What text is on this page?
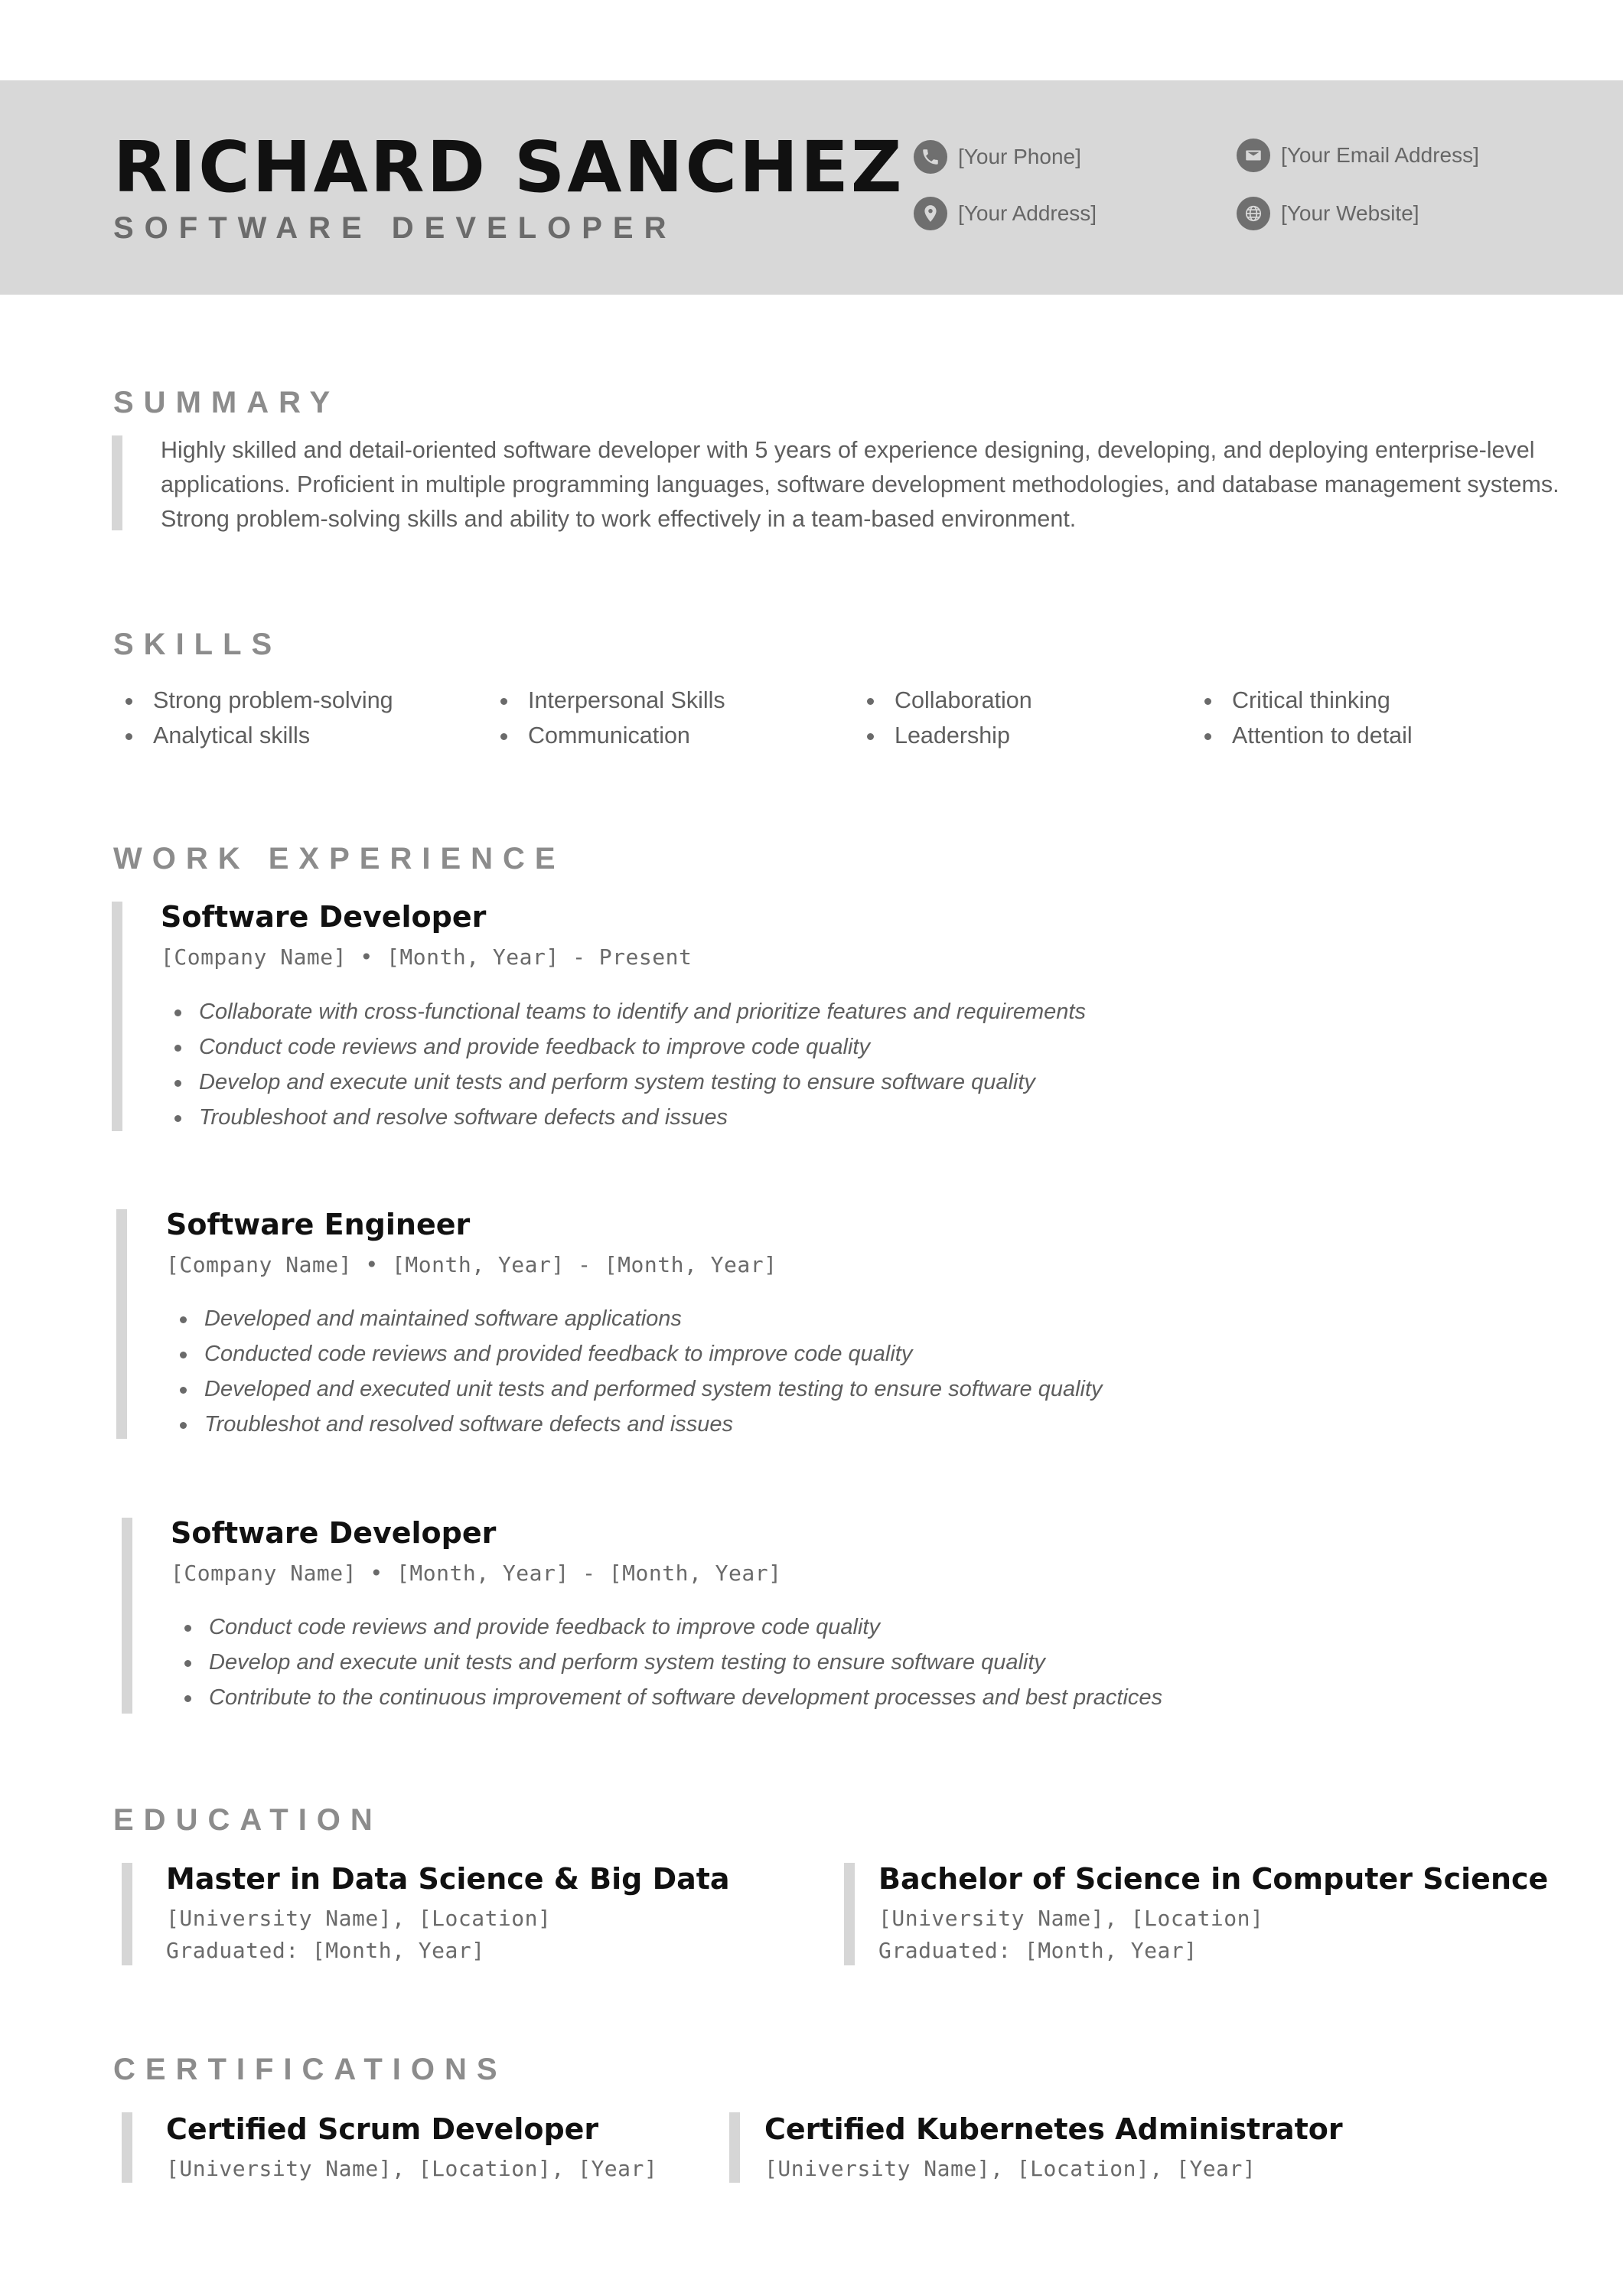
RICHARD SANCHEZ

SOFTWARE DEVELOPER

[Your Phone]
[Your Address]
[Your Email Address]
[Your Website]
SUMMARY

Highly skilled and detail-oriented software developer with 5 years of experience designing, developing, and deploying enterprise-level applications. Proficient in multiple programming languages, software development methodologies, and database management systems. Strong problem-solving skills and ability to work effectively in a team-based environment.

SKILLS
Strong problem-solving
Analytical skills
Interpersonal Skills
Communication
Collaboration
Leadership
Critical thinking
Attention to detail
WORK EXPERIENCE
Software Developer

[Company Name] • [Month, Year] - Present

Collaborate with cross-functional teams to identify and prioritize features and requirements
Conduct code reviews and provide feedback to improve code quality
Develop and execute unit tests and perform system testing to ensure software quality
Troubleshoot and resolve software defects and issues
Software Engineer

[Company Name] • [Month, Year] - [Month, Year]

Developed and maintained software applications
Conducted code reviews and provided feedback to improve code quality
Developed and executed unit tests and performed system testing to ensure software quality
Troubleshot and resolved software defects and issues
Software Developer

[Company Name] • [Month, Year] - [Month, Year]

Conduct code reviews and provide feedback to improve code quality
Develop and execute unit tests and perform system testing to ensure software quality
Contribute to the continuous improvement of software development processes and best practices
EDUCATION
Master in Data Science & Big Data

[University Name], [Location]

Graduated: [Month, Year]

Bachelor of Science in Computer Science

[University Name], [Location]

Graduated: [Month, Year]

CERTIFICATIONS
Certified Scrum Developer

[University Name], [Location], [Year]

Certified Kubernetes Administrator

[University Name], [Location], [Year]
